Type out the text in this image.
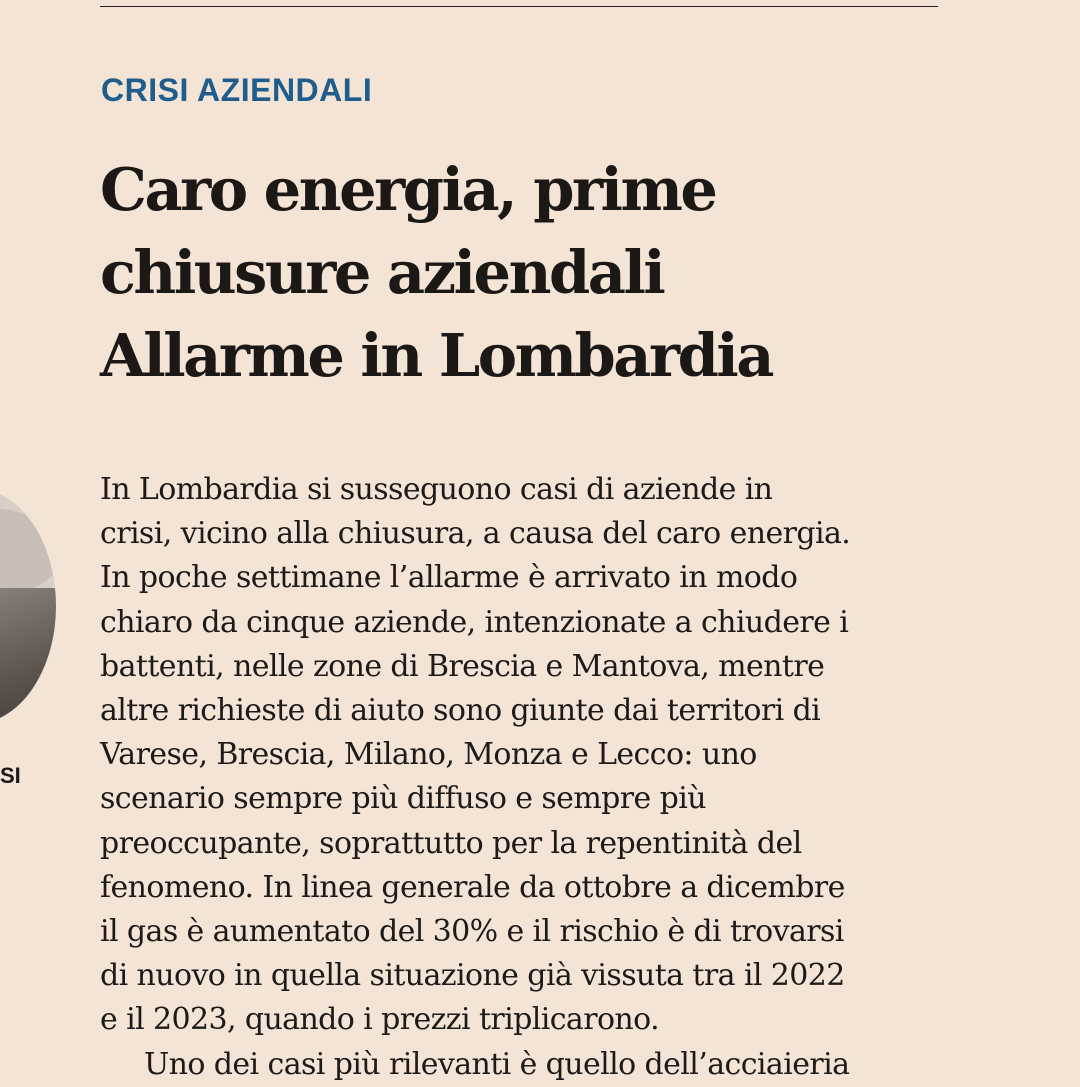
CRISI AZIENDALI
Caro energia, prime
chiusure aziendali
Allarme in Lombardia

SI

In Lombardia si susseguono casi di aziende in
crisi, vicino alla chiusura, a causa del caro energia.
In poche settimane l’allarme è arrivato in modo
chiaro da cinque aziende, intenzionate a chiudere i
battenti, nelle zone di Brescia e Mantova, mentre
altre richieste di aiuto sono giunte dai territori di
Varese, Brescia, Milano, Monza e Lecco: uno
scenario sempre più diffuso e sempre più
preoccupante, soprattutto per la repentinità del
fenomeno. In linea generale da ottobre a dicembre
il gas è aumentato del 30% e il rischio è di trovarsi
di nuovo in quella situazione già vissuta tra il 2022
e il 2023, quando i prezzi triplicarono.
Uno dei casi più rilevanti è quello dell’acciaieria
